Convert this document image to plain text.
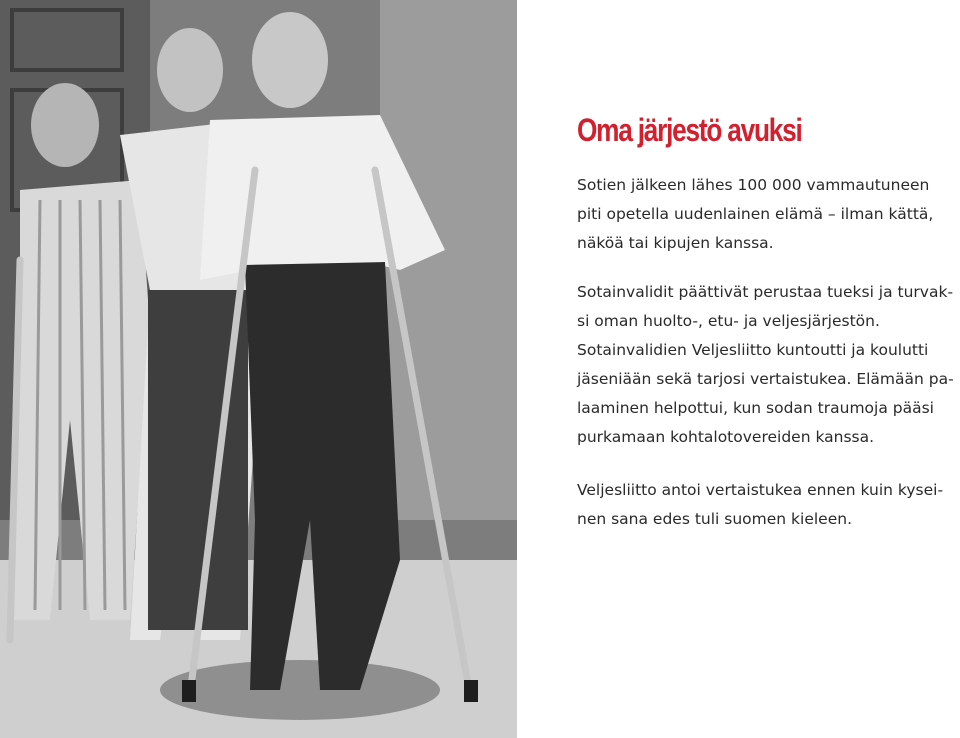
Oma järjestö avuksi

Sotien jälkeen lähes 100 000 vammautuneen
piti opetella uudenlainen elämä – ilman kättä,
näköä tai kipujen kanssa.

Sotainvalidit päättivät perustaa tueksi ja turvak-
si oman huolto-, etu- ja veljesjärjestön.

Sotainvalidien Veljesliitto kuntoutti ja koulutti
jäseniään sekä tarjosi vertaistukea. Elämään pa-
laaminen helpottui, kun sodan traumoja pääsi
purkamaan kohtalotovereiden kanssa.

Veljesliitto antoi vertaistukea ennen kuin kysei-
nen sana edes tuli suomen kieleen.
